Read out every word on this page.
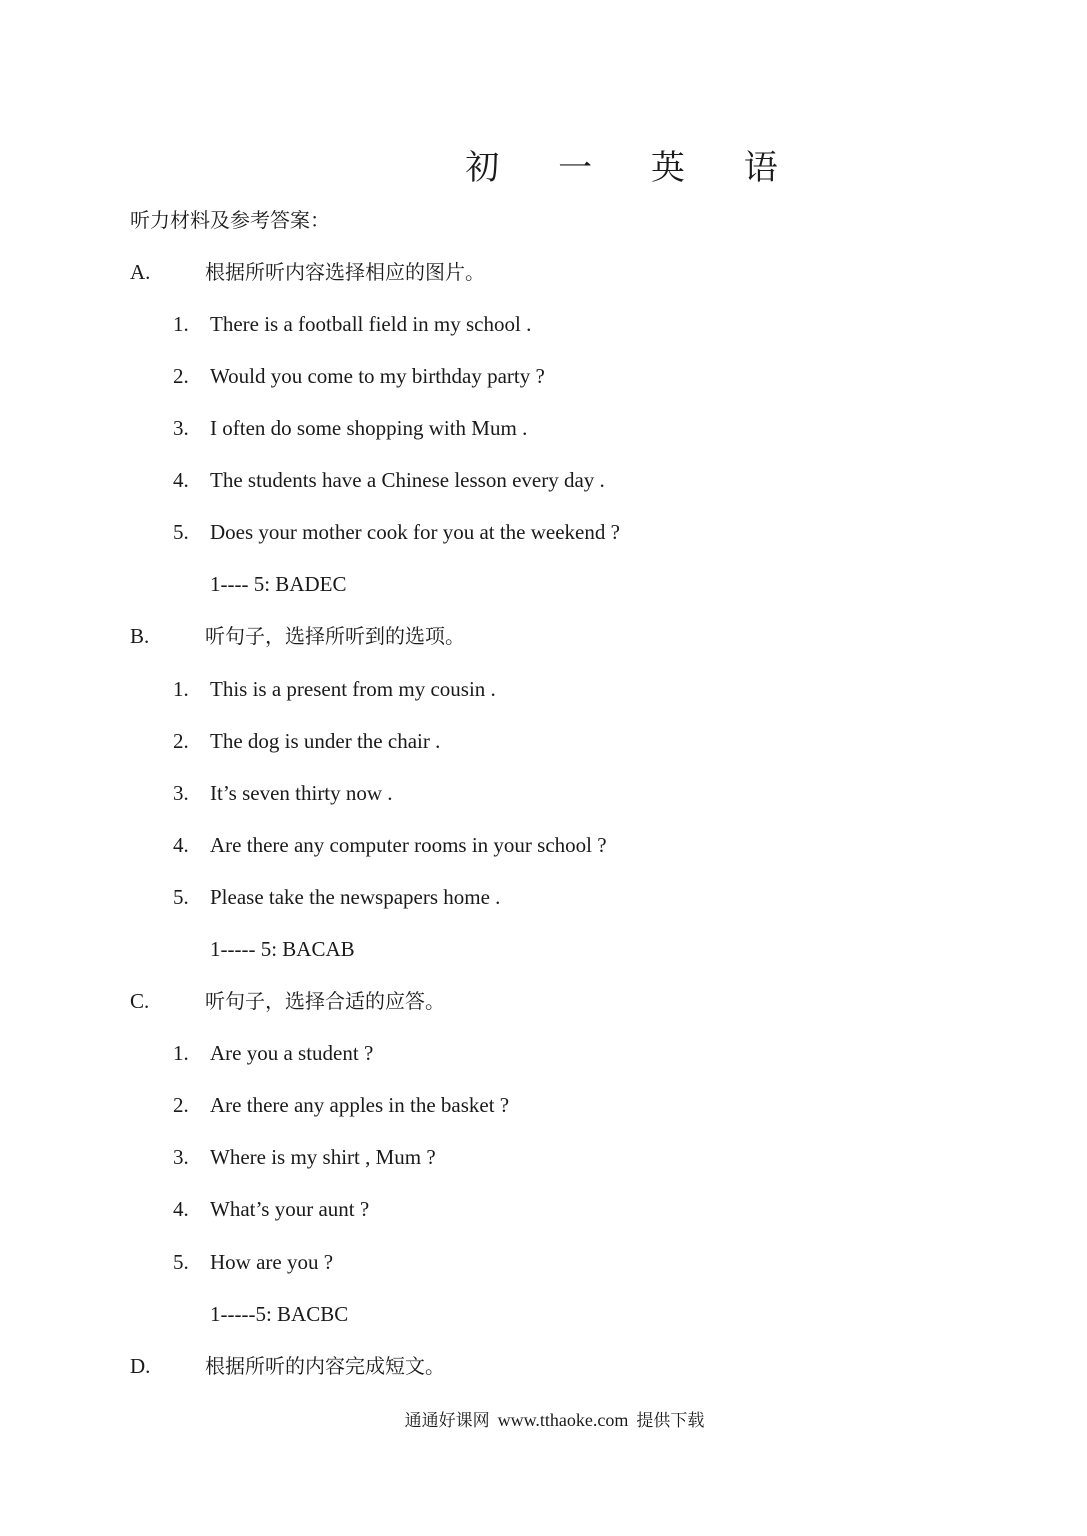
初 一 英 语
听力材料及参考答案：
A.	根据所听内容选择相应的图片。
1. There is a football field in my school .
2. Would you come to my birthday party ?
3. I often do some shopping with Mum .
4. The students have a Chinese lesson every day .
5. Does your mother cook for you at the weekend ?
1---- 5: BADEC
B.	听句子，选择所听到的选项。
1. This is a present from my cousin .
2. The dog is under the chair .
3. It’s seven thirty now .
4. Are there any computer rooms in your school ?
5. Please take the newspapers home .
1----- 5: BACAB
C.	听句子，选择合适的应答。
1. Are you a student ?
2. Are there any apples in the basket ?
3. Where is my shirt , Mum ?
4. What’s your aunt ?
5. How are you ?
1-----5: BACBC
D.	根据所听的内容完成短文。
通通好课网 www.tthaoke.com 提供下载
